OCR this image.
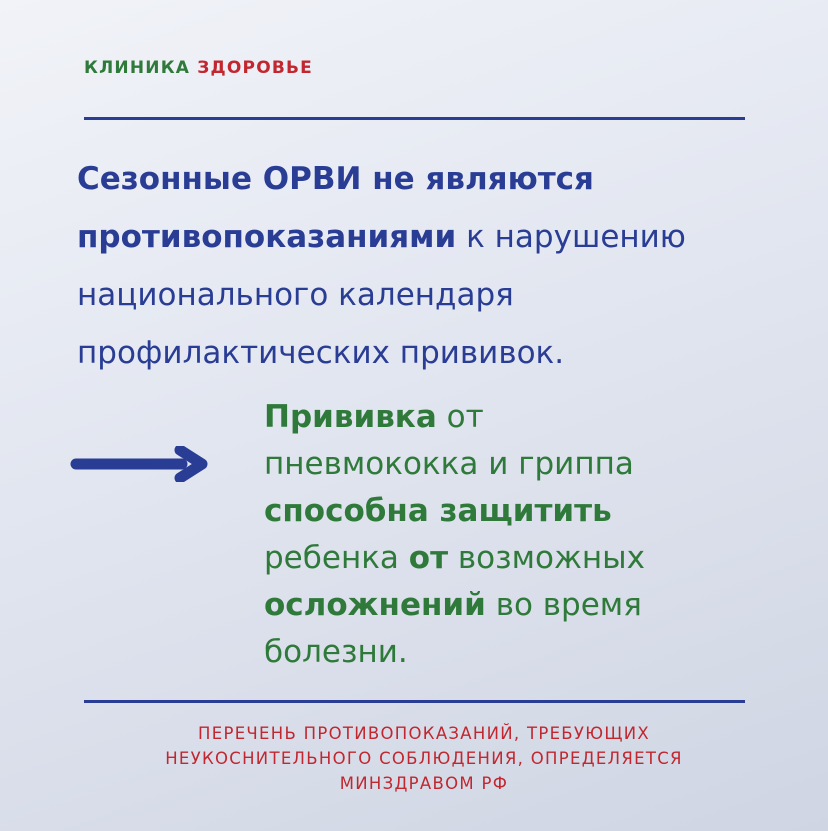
КЛИНИКА ЗДОРОВЬЕ
Сезонные ОРВИ не являются
противопоказаниями к нарушению
национального календаря
профилактических прививок.
Прививка от
пневмококка и гриппа
способна защитить
ребенка от возможных
осложнений во время
болезни.
ПЕРЕЧЕНЬ ПРОТИВОПОКАЗАНИЙ, ТРЕБУЮЩИХ
НЕУКОСНИТЕЛЬНОГО СОБЛЮДЕНИЯ, ОПРЕДЕЛЯЕТСЯ
МИНЗДРАВОМ РФ
